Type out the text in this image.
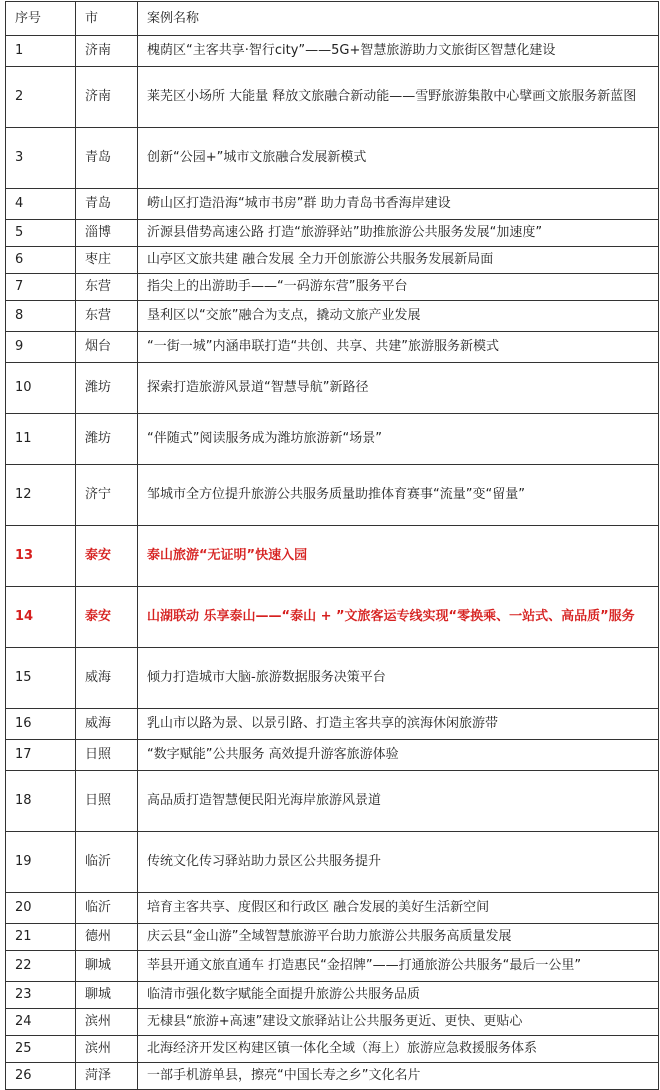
序号	市	案例名称
1	济南	槐荫区“主客共享·智行city”——5G+智慧旅游助力文旅街区智慧化建设
2	济南	莱芜区小场所 大能量 释放文旅融合新动能——雪野旅游集散中心擘画文旅服务新蓝图
3	青岛	创新“公园+”城市文旅融合发展新模式
4	青岛	崂山区打造沿海“城市书房”群 助力青岛书香海岸建设
5	淄博	沂源县借势高速公路 打造“旅游驿站”助推旅游公共服务发展“加速度”
6	枣庄	山亭区文旅共建 融合发展 全力开创旅游公共服务发展新局面
7	东营	指尖上的出游助手——“一码游东营”服务平台
8	东营	垦利区以“交旅”融合为支点，撬动文旅产业发展
9	烟台	“一街一城”内涵串联打造“共创、共享、共建”旅游服务新模式
10	潍坊	探索打造旅游风景道“智慧导航”新路径
11	潍坊	“伴随式”阅读服务成为潍坊旅游新“场景”
12	济宁	邹城市全方位提升旅游公共服务质量助推体育赛事“流量”变“留量”
13	泰安	泰山旅游“无证明”快速入园
14	泰安	山湖联动 乐享泰山——“泰山 + ”文旅客运专线实现“零换乘、一站式、高品质”服务
15	威海	倾力打造城市大脑-旅游数据服务决策平台
16	威海	乳山市以路为景、以景引路、打造主客共享的滨海休闲旅游带
17	日照	“数字赋能”公共服务 高效提升游客旅游体验
18	日照	高品质打造智慧便民阳光海岸旅游风景道
19	临沂	传统文化传习驿站助力景区公共服务提升
20	临沂	培育主客共享、度假区和行政区 融合发展的美好生活新空间
21	德州	庆云县“金山游”全域智慧旅游平台助力旅游公共服务高质量发展
22	聊城	莘县开通文旅直通车 打造惠民“金招牌”——打通旅游公共服务“最后一公里”
23	聊城	临清市强化数字赋能全面提升旅游公共服务品质
24	滨州	无棣县“旅游+高速”建设文旅驿站让公共服务更近、更快、更贴心
25	滨州	北海经济开发区构建区镇一体化全域（海上）旅游应急救援服务体系
26	菏泽	一部手机游单县，擦亮“中国长寿之乡”文化名片
